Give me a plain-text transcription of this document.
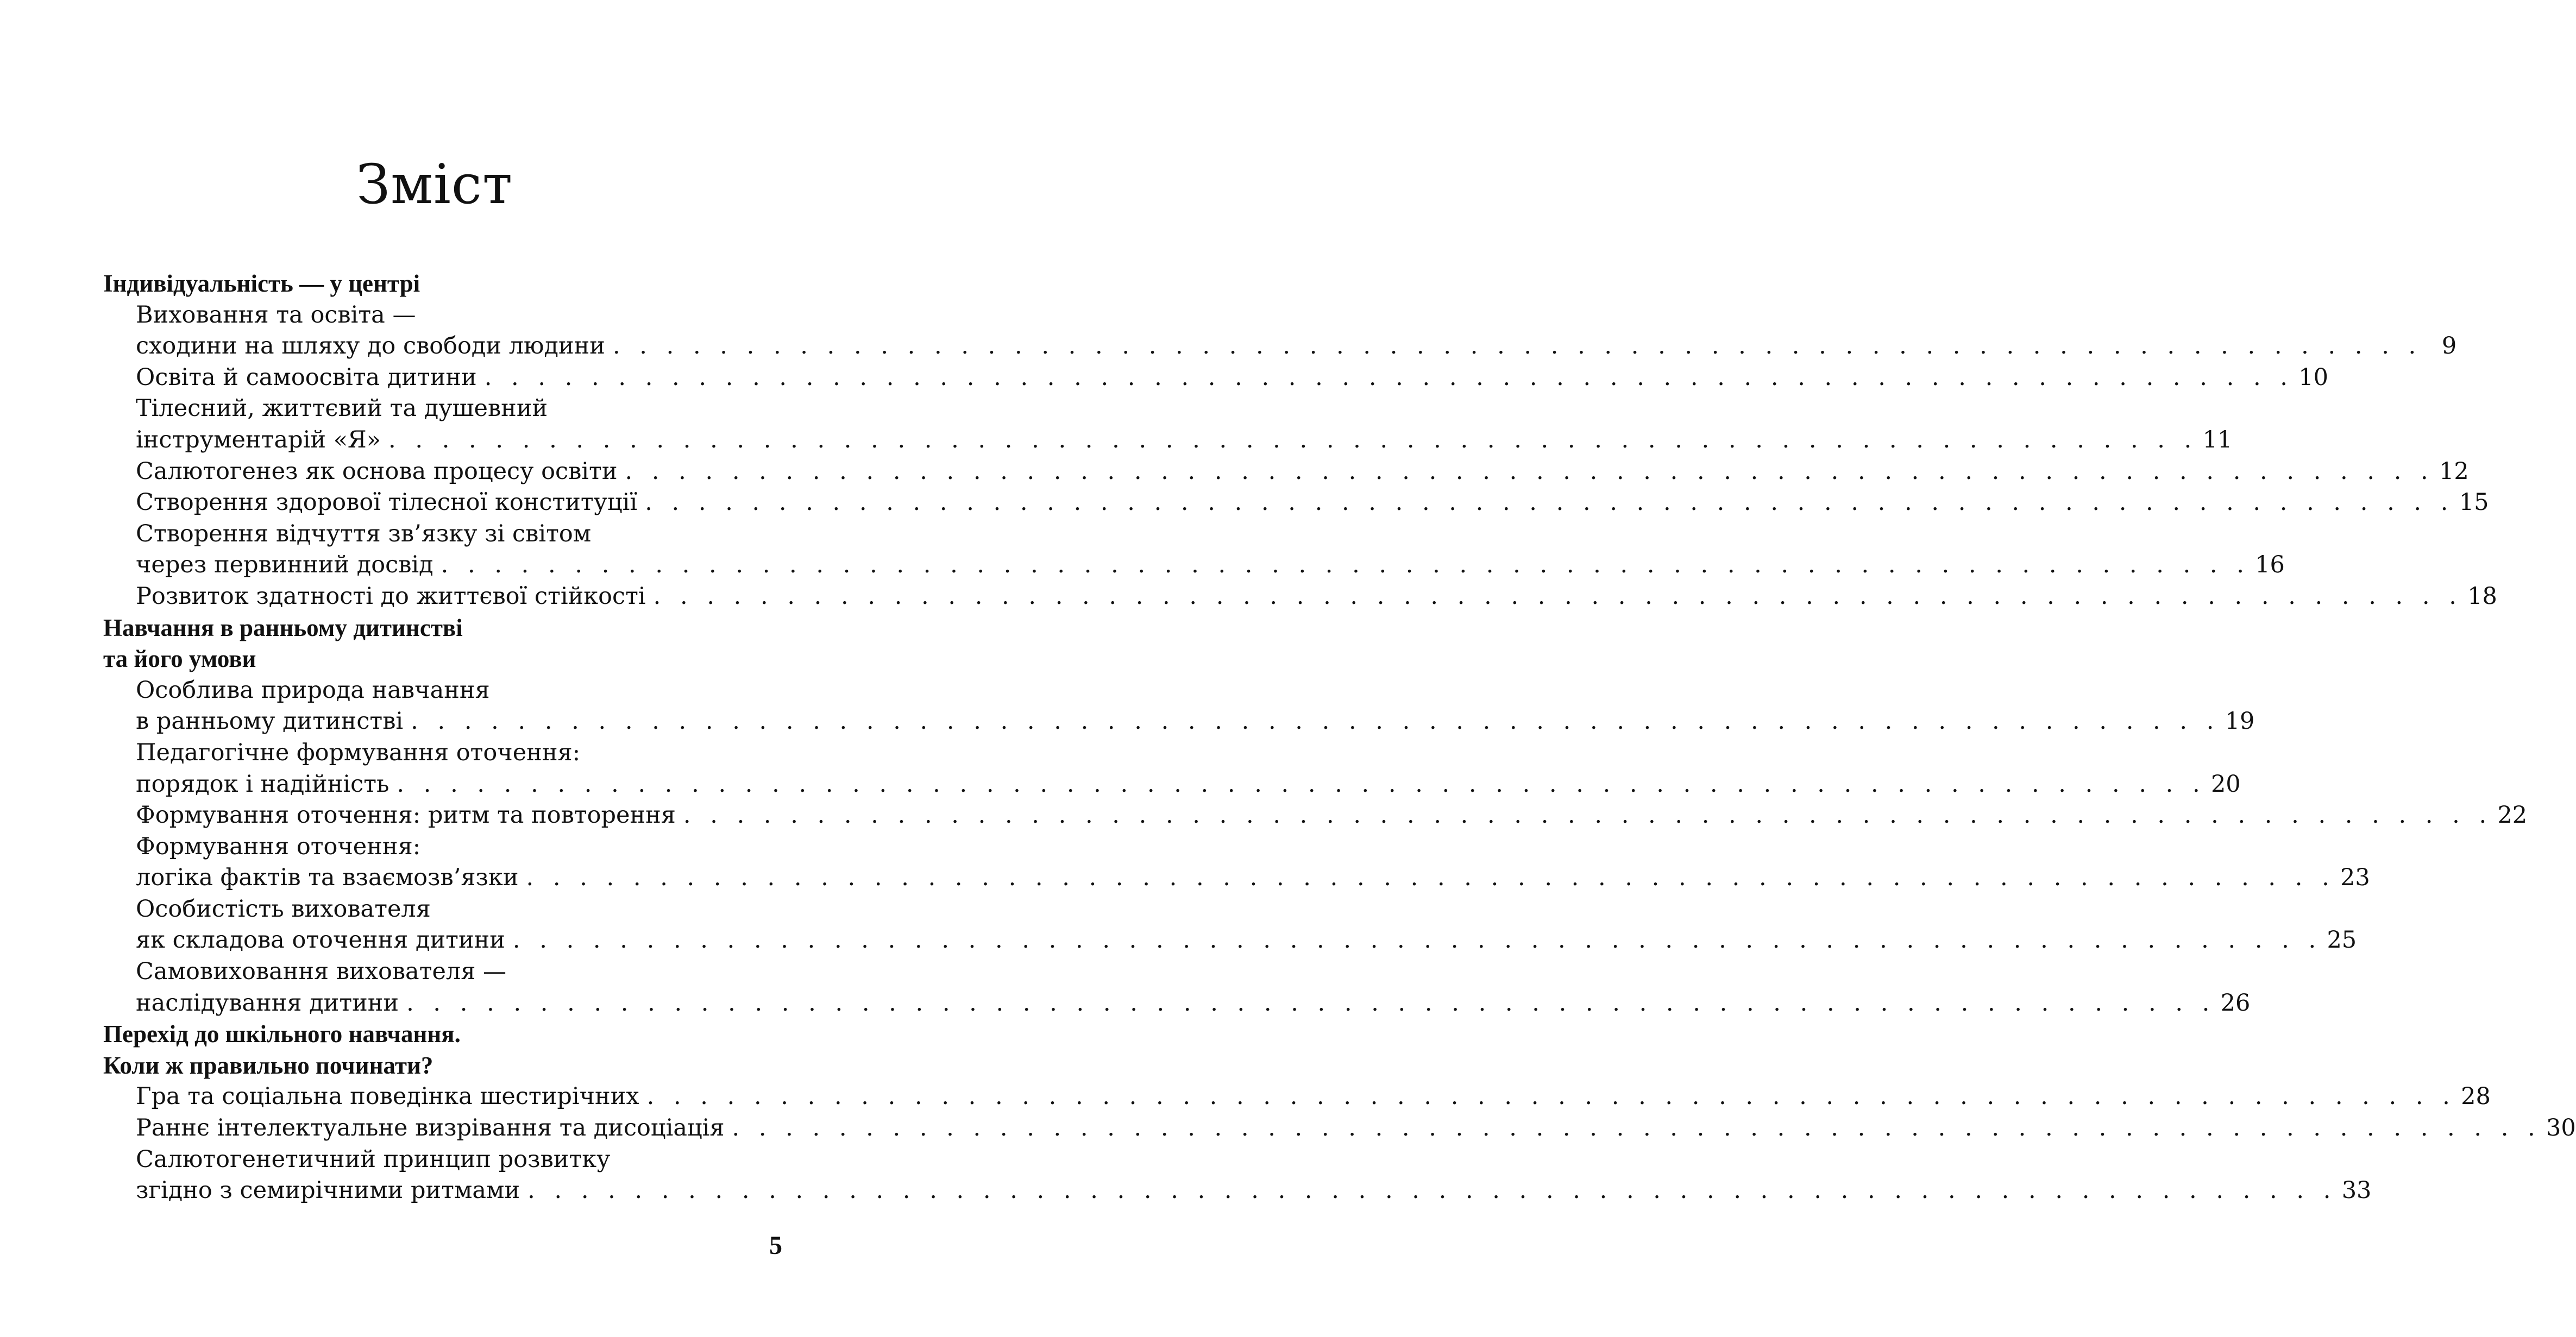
Зміст
Індивідуальність — у центрі
Виховання та освіта —
сходини на шляху до свободи людини . . .	9
Освіта й самоосвіта дитини . . .	10
Тілесний, життєвий та душевний
інструментарій «Я» . . .	11
Салютогенез як основа процесу освіти . . .	12
Створення здорової тілесної конституції . . .	15
Створення відчуття зв’язку зі світом
через первинний досвід . . .	16
Розвиток здатності до життєвої стійкості . . .	18
Навчання в ранньому дитинстві
та його умови
Особлива природа навчання
в ранньому дитинстві . . .	19
Педагогічне формування оточення:
порядок і надійність . . .	20
Формування оточення: ритм та повторення . . .	22
Формування оточення:
логіка фактів та взаємозв’язки . . .	23
Особистість вихователя
як складова оточення дитини . . .	25
Самовиховання вихователя —
наслідування дитини . . .	26
Перехід до шкільного навчання.
Коли ж правильно починати?
Гра та соціальна поведінка шестирічних . . .	28
Раннє інтелектуальне визрівання та дисоціація . . .	30
Салютогенетичний принцип розвитку
згідно з семирічними ритмами . . .	33
5
